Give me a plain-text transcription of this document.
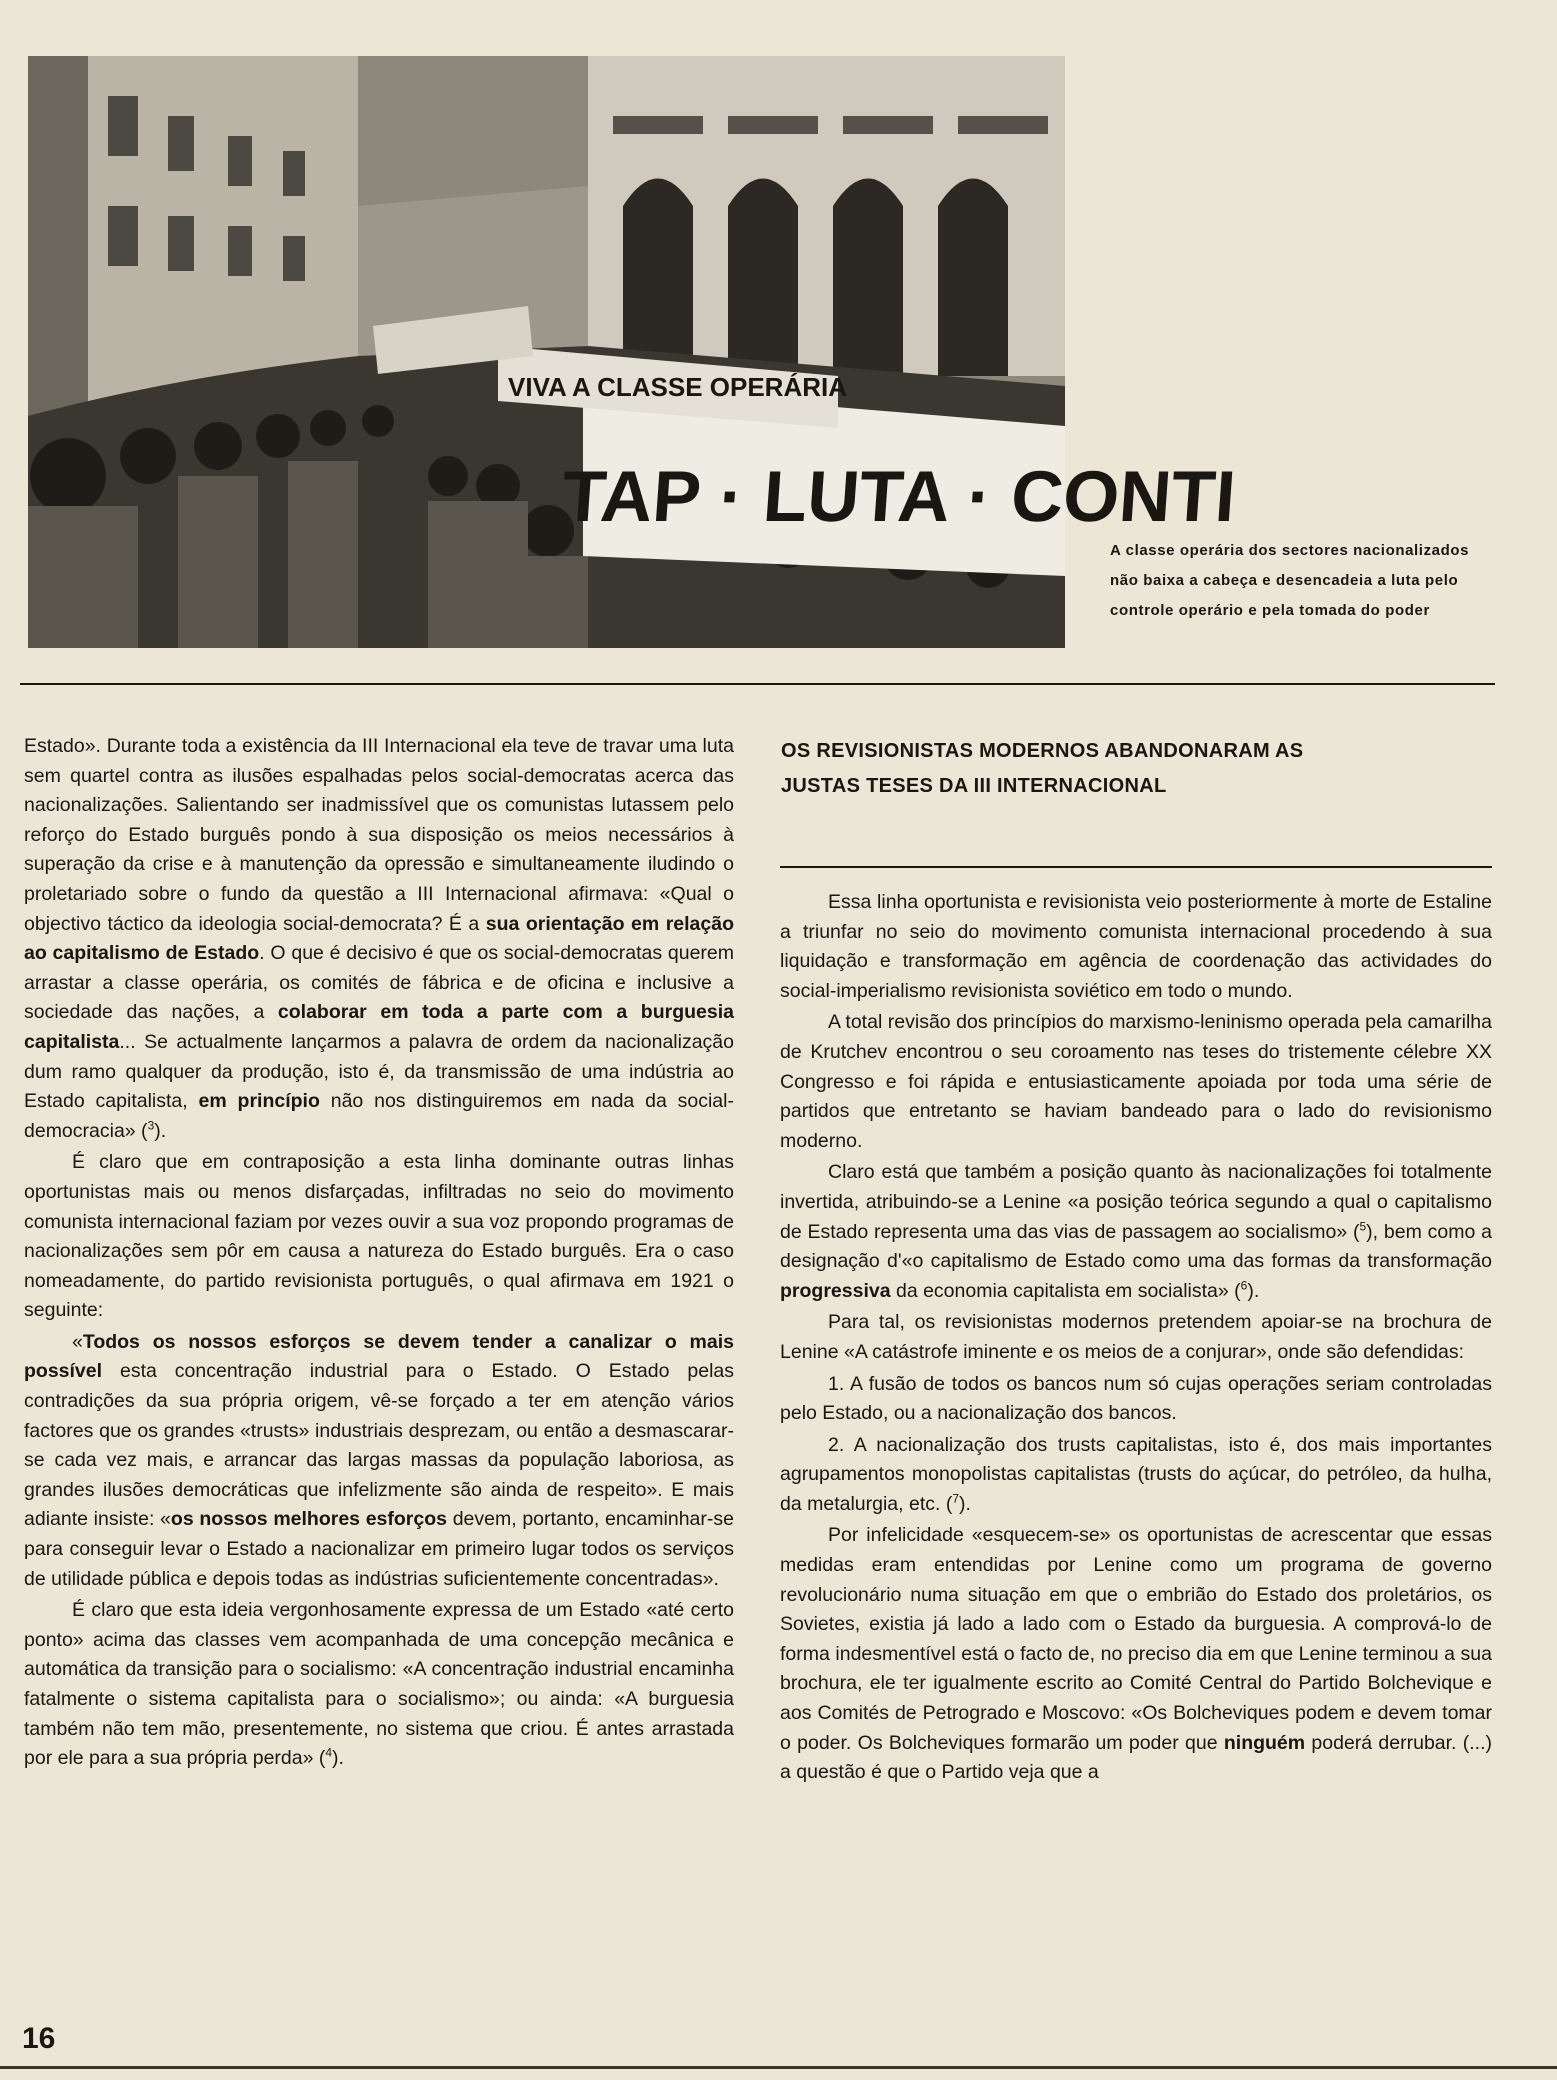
TAP · LUTA · CONTI
VIVA A CLASSE OPERÁRIA
A classe operária dos sectores nacionalizados não baixa a cabeça e desencadeia a luta pelo controle operário e pela tomada do poder

Estado». Durante toda a existência da III Internacional ela teve de travar uma luta sem quartel contra as ilusões espalhadas pelos social-democratas acerca das nacionalizações. Salientando ser inadmissível que os comunistas lutassem pelo reforço do Estado burguês pondo à sua disposição os meios necessários à superação da crise e à manutenção da opressão e simultaneamente iludindo o proletariado sobre o fundo da questão a III Internacional afirmava: «Qual o objectivo táctico da ideologia social-democrata? É a sua orientação em relação ao capitalismo de Estado. O que é decisivo é que os social-democratas querem arrastar a classe operária, os comités de fábrica e de oficina e inclusive a sociedade das nações, a colaborar em toda a parte com a burguesia capitalista... Se actualmente lançarmos a palavra de ordem da nacionalização dum ramo qualquer da produção, isto é, da transmissão de uma indústria ao Estado capitalista, em princípio não nos distinguiremos em nada da social-democracia» ($^3$).

É claro que em contraposição a esta linha dominante outras linhas oportunistas mais ou menos disfarçadas, infiltradas no seio do movimento comunista internacional faziam por vezes ouvir a sua voz propondo programas de nacionalizações sem pôr em causa a natureza do Estado burguês. Era o caso nomeadamente, do partido revisionista português, o qual afirmava em 1921 o seguinte:

«Todos os nossos esforços se devem tender a canalizar o mais possível esta concentração industrial para o Estado. O Estado pelas contradições da sua própria origem, vê-se forçado a ter em atenção vários factores que os grandes «trusts» industriais desprezam, ou então a desmascarar-se cada vez mais, e arrancar das largas massas da população laboriosa, as grandes ilusões democráticas que infelizmente são ainda de respeito». E mais adiante insiste: «os nossos melhores esforços devem, portanto, encaminhar-se para conseguir levar o Estado a nacionalizar em primeiro lugar todos os serviços de utilidade pública e depois todas as indústrias suficientemente concentradas».

É claro que esta ideia vergonhosamente expressa de um Estado «até certo ponto» acima das classes vem acompanhada de uma concepção mecânica e automática da transição para o socialismo: «A concentração industrial encaminha fatalmente o sistema capitalista para o socialismo»; ou ainda: «A burguesia também não tem mão, presentemente, no sistema que criou. É antes arrastada por ele para a sua própria perda» ($^4$).

OS REVISIONISTAS MODERNOS ABANDONARAM AS JUSTAS TESES DA III INTERNACIONAL

Essa linha oportunista e revisionista veio posteriormente à morte de Estaline a triunfar no seio do movimento comunista internacional procedendo à sua liquidação e transformação em agência de coordenação das actividades do social-imperialismo revisionista soviético em todo o mundo.

A total revisão dos princípios do marxismo-leninismo operada pela camarilha de Krutchev encontrou o seu coroamento nas teses do tristemente célebre XX Congresso e foi rápida e entusiasticamente apoiada por toda uma série de partidos que entretanto se haviam bandeado para o lado do revisionismo moderno.

Claro está que também a posição quanto às nacionalizações foi totalmente invertida, atribuindo-se a Lenine «a posição teórica segundo a qual o capitalismo de Estado representa uma das vias de passagem ao socialismo» ($^5$), bem como a designação d'«o capitalismo de Estado como uma das formas da transformação progressiva da economia capitalista em socialista» ($^6$).

Para tal, os revisionistas modernos pretendem apoiar-se na brochura de Lenine «A catástrofe iminente e os meios de a conjurar», onde são defendidas:

1. A fusão de todos os bancos num só cujas operações seriam controladas pelo Estado, ou a nacionalização dos bancos.

2. A nacionalização dos trusts capitalistas, isto é, dos mais importantes agrupamentos monopolistas capitalistas (trusts do açúcar, do petróleo, da hulha, da metalurgia, etc. ($^7$).

Por infelicidade «esquecem-se» os oportunistas de acrescentar que essas medidas eram entendidas por Lenine como um programa de governo revolucionário numa situação em que o embrião do Estado dos proletários, os Sovietes, existia já lado a lado com o Estado da burguesia. A comprová-lo de forma indesmentível está o facto de, no preciso dia em que Lenine terminou a sua brochura, ele ter igualmente escrito ao Comité Central do Partido Bolchevique e aos Comités de Petrogrado e Moscovo: «Os Bolcheviques podem e devem tomar o poder. Os Bolcheviques formarão um poder que ninguém poderá derrubar. (...) a questão é que o Partido veja que a

16
